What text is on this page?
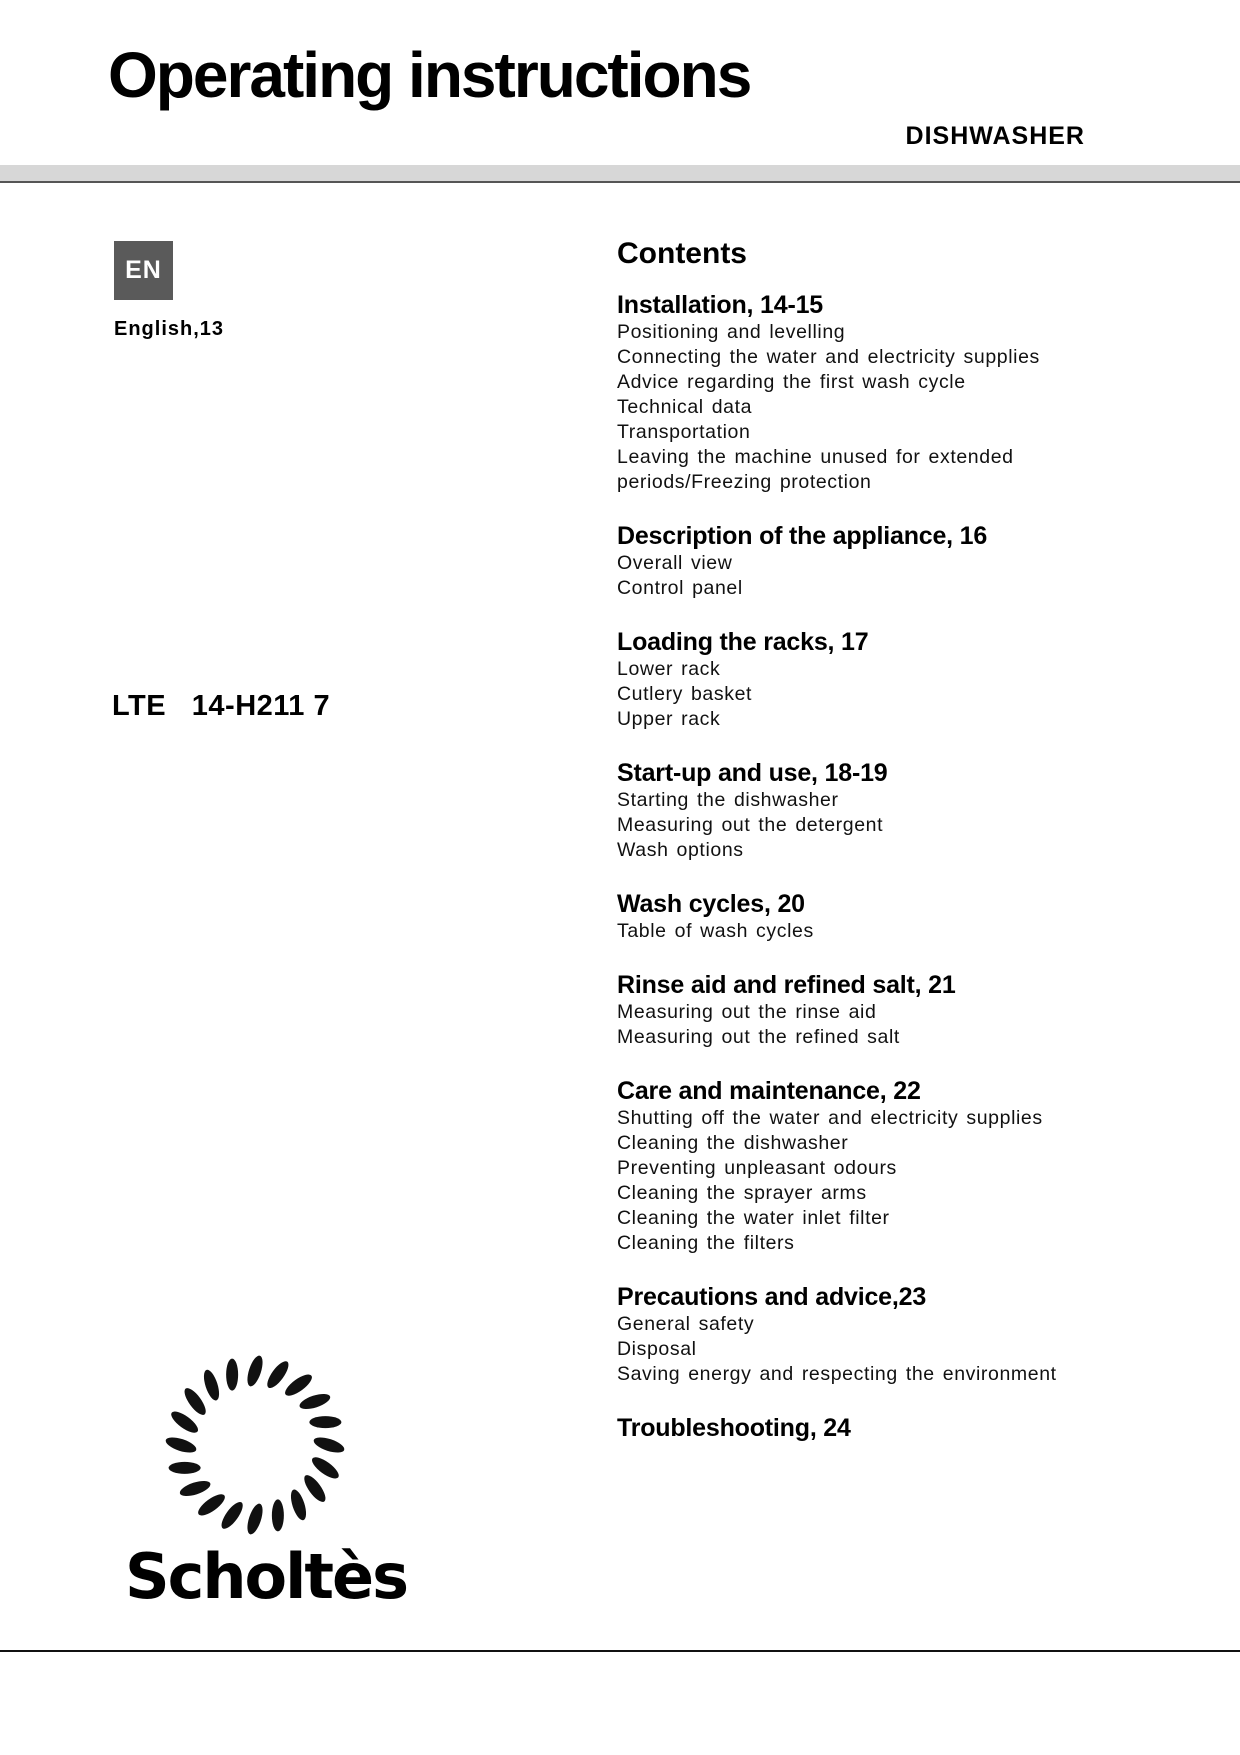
Operating instructions
DISHWASHER
EN
English,13
LTE   14-H211 7
Scholtès
Contents
Installation, 14-15
Positioning and levelling
Connecting the water and electricity supplies
Advice regarding the first wash cycle
Technical data
Transportation
Leaving the machine unused for extended
periods/Freezing protection
Description of the appliance, 16
Overall view
Control panel
Loading the racks, 17
Lower rack
Cutlery basket
Upper rack
Start-up and use, 18-19
Starting the dishwasher
Measuring out the detergent
Wash options
Wash cycles, 20
Table of wash cycles
Rinse aid and refined salt, 21
Measuring out the rinse aid
Measuring out the refined salt
Care and maintenance, 22
Shutting off the water and electricity supplies
Cleaning the dishwasher
Preventing unpleasant odours
Cleaning the sprayer arms
Cleaning the water inlet filter
Cleaning the filters
Precautions and advice,23
General safety
Disposal
Saving energy and respecting the environment
Troubleshooting, 24
